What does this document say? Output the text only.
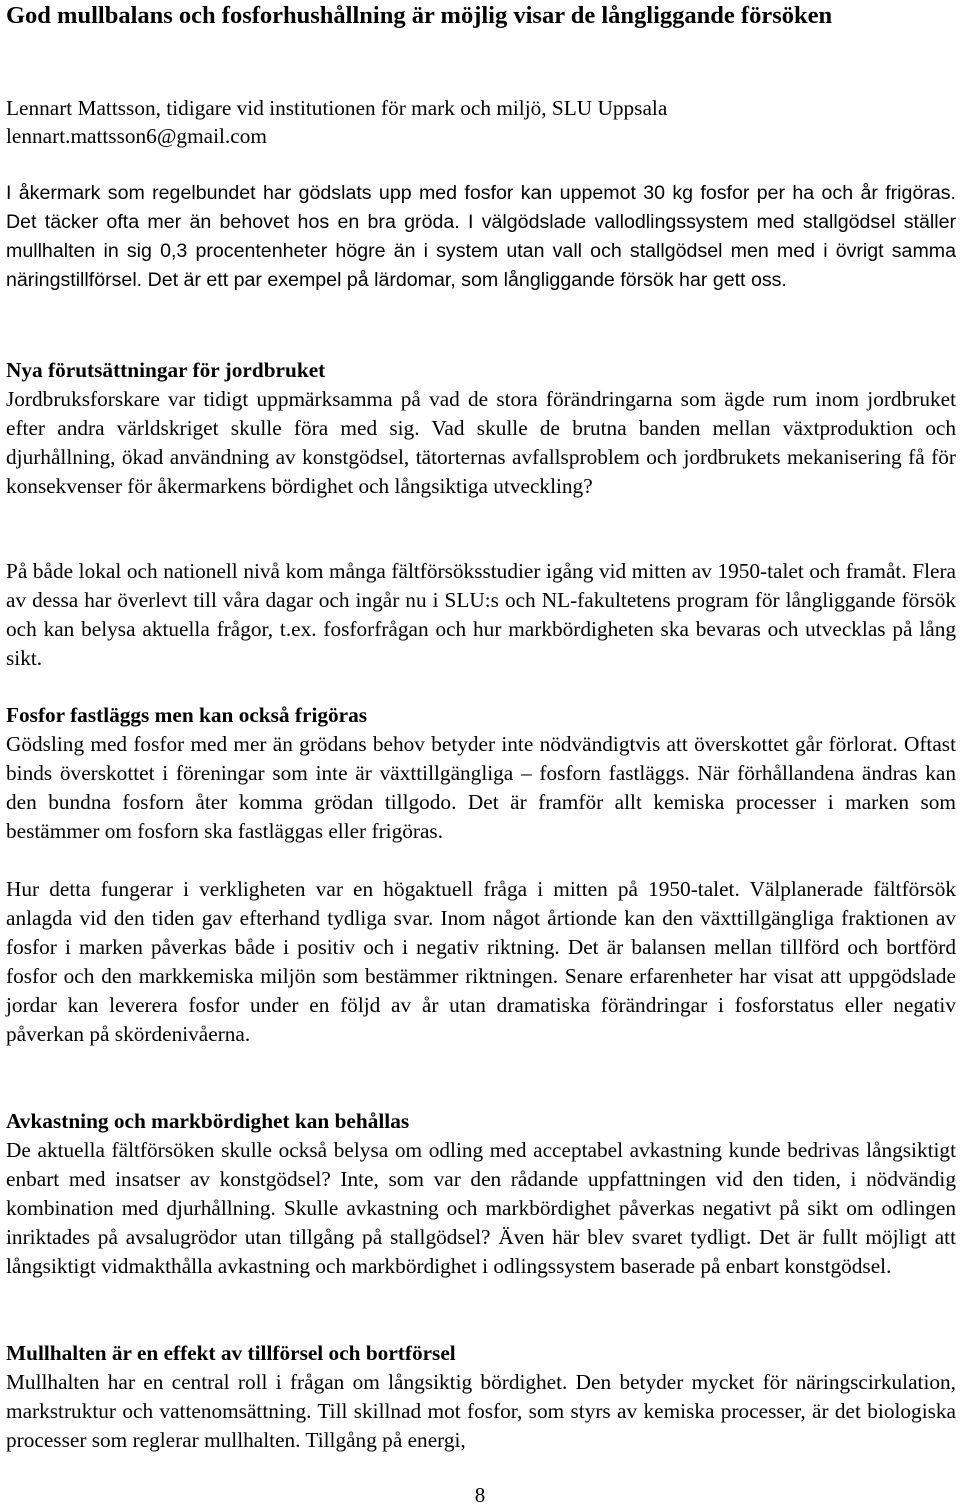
God mullbalans och fosforhushållning är möjlig visar de långliggande försöken

Lennart Mattsson, tidigare vid institutionen för mark och miljö, SLU Uppsala

lennart.mattsson6@gmail.com

I åkermark som regelbundet har gödslats upp med fosfor kan uppemot 30 kg fosfor per ha och år frigöras. Det täcker ofta mer än behovet hos en bra gröda. I välgödslade vallodlingssystem med stallgödsel ställer mullhalten in sig 0,3 procentenheter högre än i system utan vall och stallgödsel men med i övrigt samma näringstillförsel. Det är ett par exempel på lärdomar, som långliggande försök har gett oss.

Nya förutsättningar för jordbruket

Jordbruksforskare var tidigt uppmärksamma på vad de stora förändringarna som ägde rum inom jordbruket efter andra världskriget skulle föra med sig. Vad skulle de brutna banden mellan växtproduktion och djurhållning, ökad användning av konstgödsel, tätorternas avfallsproblem och jordbrukets mekanisering få för konsekvenser för åkermarkens bördighet och långsiktiga utveckling?

På både lokal och nationell nivå kom många fältförsöksstudier igång vid mitten av 1950-talet och framåt. Flera av dessa har överlevt till våra dagar och ingår nu i SLU:s och NL-fakultetens program för långliggande försök och kan belysa aktuella frågor, t.ex. fosforfrågan och hur markbördigheten ska bevaras och utvecklas på lång sikt.

Fosfor fastläggs men kan också frigöras

Gödsling med fosfor med mer än grödans behov betyder inte nödvändigtvis att överskottet går förlorat. Oftast binds överskottet i föreningar som inte är växttillgängliga – fosforn fastläggs. När förhållandena ändras kan den bundna fosforn åter komma grödan tillgodo. Det är framför allt kemiska processer i marken som bestämmer om fosforn ska fastläggas eller frigöras.

Hur detta fungerar i verkligheten var en högaktuell fråga i mitten på 1950-talet. Välplanerade fältförsök anlagda vid den tiden gav efterhand tydliga svar. Inom något årtionde kan den växttillgängliga fraktionen av fosfor i marken påverkas både i positiv och i negativ riktning. Det är balansen mellan tillförd och bortförd fosfor och den markkemiska miljön som bestämmer riktningen. Senare erfarenheter har visat att uppgödslade jordar kan leverera fosfor under en följd av år utan dramatiska förändringar i fosforstatus eller negativ påverkan på skördenivåerna.

Avkastning och markbördighet kan behållas

De aktuella fältförsöken skulle också belysa om odling med acceptabel avkastning kunde bedrivas långsiktigt enbart med insatser av konstgödsel? Inte, som var den rådande uppfattningen vid den tiden, i nödvändig kombination med djurhållning. Skulle avkastning och markbördighet påverkas negativt på sikt om odlingen inriktades på avsalugrödor utan tillgång på stallgödsel? Även här blev svaret tydligt. Det är fullt möjligt att långsiktigt vidmakthålla avkastning och markbördighet i odlingssystem baserade på enbart konstgödsel.

Mullhalten är en effekt av tillförsel och bortförsel

Mullhalten har en central roll i frågan om långsiktig bördighet. Den betyder mycket för näringscirkulation, markstruktur och vattenomsättning. Till skillnad mot fosfor, som styrs av kemiska processer, är det biologiska processer som reglerar mullhalten. Tillgång på energi,

8
